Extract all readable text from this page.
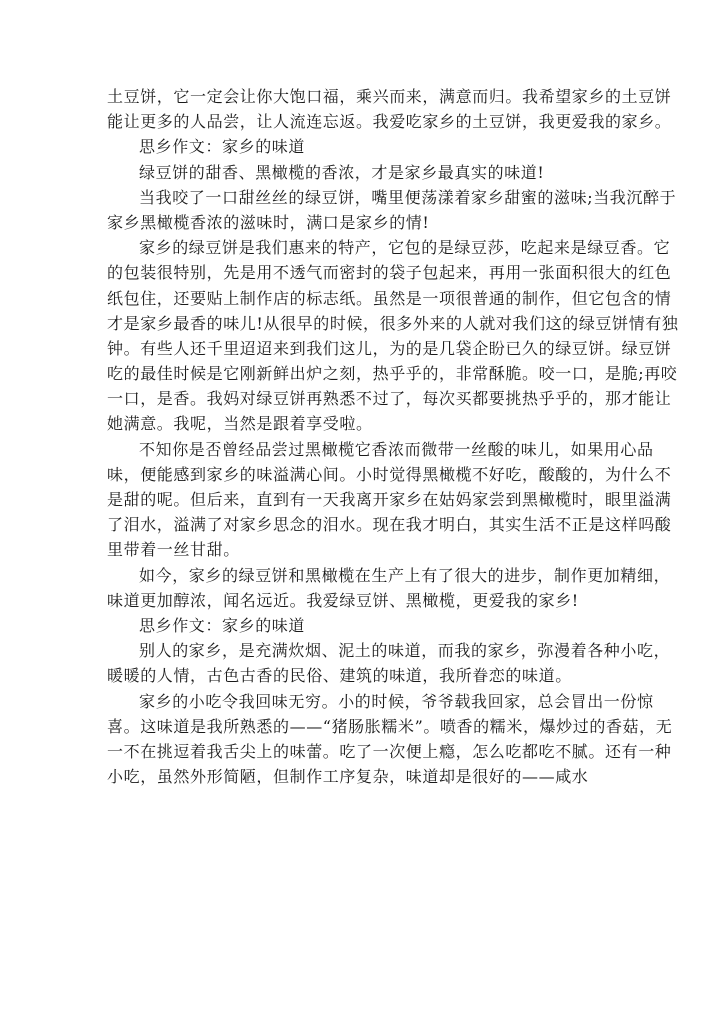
土豆饼，它一定会让你大饱口福，乘兴而来，满意而归。我希望家乡的土豆饼
能让更多的人品尝，让人流连忘返。我爱吃家乡的土豆饼，我更爱我的家乡。
思乡作文：家乡的味道
绿豆饼的甜香、黑橄榄的香浓，才是家乡最真实的味道!
当我咬了一口甜丝丝的绿豆饼，嘴里便荡漾着家乡甜蜜的滋味;当我沉醉于
家乡黑橄榄香浓的滋味时，满口是家乡的情!
家乡的绿豆饼是我们惠来的特产，它包的是绿豆莎，吃起来是绿豆香。它
的包装很特别，先是用不透气而密封的袋子包起来，再用一张面积很大的红色
纸包住，还要贴上制作店的标志纸。虽然是一项很普通的制作，但它包含的情
才是家乡最香的味儿!从很早的时候，很多外来的人就对我们这的绿豆饼情有独
钟。有些人还千里迢迢来到我们这儿，为的是几袋企盼已久的绿豆饼。绿豆饼
吃的最佳时候是它刚新鲜出炉之刻，热乎乎的，非常酥脆。咬一口，是脆;再咬
一口，是香。我妈对绿豆饼再熟悉不过了，每次买都要挑热乎乎的，那才能让
她满意。我呢，当然是跟着享受啦。
不知你是否曾经品尝过黑橄榄它香浓而微带一丝酸的味儿，如果用心品
味，便能感到家乡的味溢满心间。小时觉得黑橄榄不好吃，酸酸的，为什么不
是甜的呢。但后来，直到有一天我离开家乡在姑妈家尝到黑橄榄时，眼里溢满
了泪水，溢满了对家乡思念的泪水。现在我才明白，其实生活不正是这样吗酸
里带着一丝甘甜。
如今，家乡的绿豆饼和黑橄榄在生产上有了很大的进步，制作更加精细，
味道更加醇浓，闻名远近。我爱绿豆饼、黑橄榄，更爱我的家乡!
思乡作文：家乡的味道
别人的家乡，是充满炊烟、泥土的味道，而我的家乡，弥漫着各种小吃，
暖暖的人情，古色古香的民俗、建筑的味道，我所眷恋的味道。
家乡的小吃令我回味无穷。小的时候，爷爷载我回家，总会冒出一份惊
喜。这味道是我所熟悉的——“猪肠胀糯米”。喷香的糯米，爆炒过的香菇，无
一不在挑逗着我舌尖上的味蕾。吃了一次便上瘾，怎么吃都吃不腻。还有一种
小吃，虽然外形简陋，但制作工序复杂，味道却是很好的——咸水
